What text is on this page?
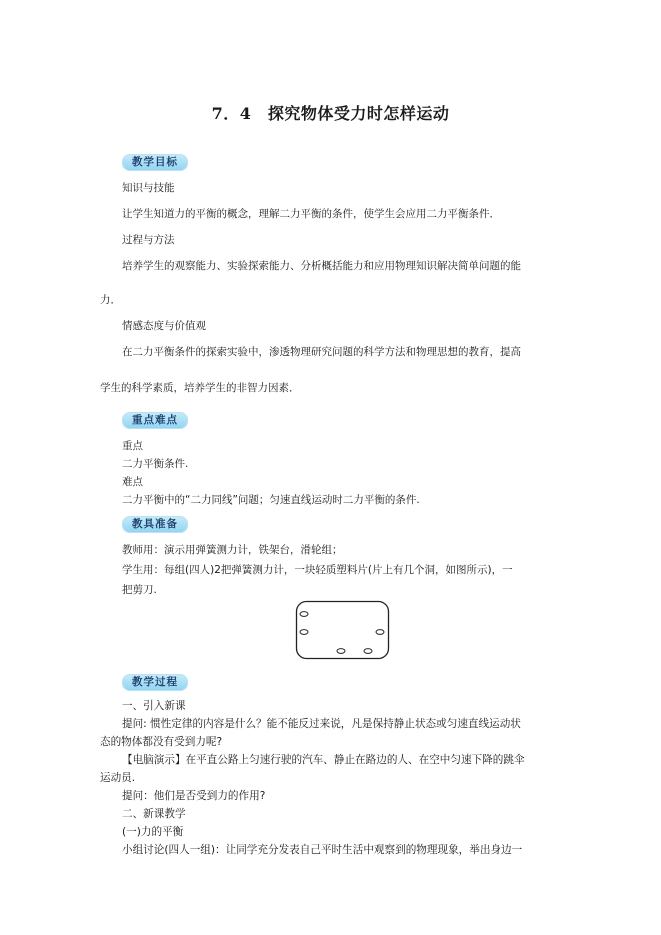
7．4　探究物体受力时怎样运动
教学目标
知识与技能
让学生知道力的平衡的概念，理解二力平衡的条件，使学生会应用二力平衡条件．
过程与方法
培养学生的观察能力、实验探索能力、分析概括能力和应用物理知识解决简单问题的能
力．
情感态度与价值观
在二力平衡条件的探索实验中，渗透物理研究问题的科学方法和物理思想的教育，提高
学生的科学素质，培养学生的非智力因素．
重点难点
重点
二力平衡条件.
难点
二力平衡中的“二力同线”问题；匀速直线运动时二力平衡的条件.
教具准备
教师用：演示用弹簧测力计，铁架台，滑轮组；
学生用：每组(四人)2把弹簧测力计，一块轻质塑料片(片上有几个洞，如图所示)，一
把剪刀.
教学过程
一、引入新课
提问: 惯性定律的内容是什么？能不能反过来说，凡是保持静止状态或匀速直线运动状
态的物体都没有受到力呢?
【电脑演示】在平直公路上匀速行驶的汽车、静止在路边的人、在空中匀速下降的跳伞
运动员.
提问：他们是否受到力的作用?
二、新课教学
(一)力的平衡
小组讨论(四人一组)：让同学充分发表自己平时生活中观察到的物理现象，举出身边一
